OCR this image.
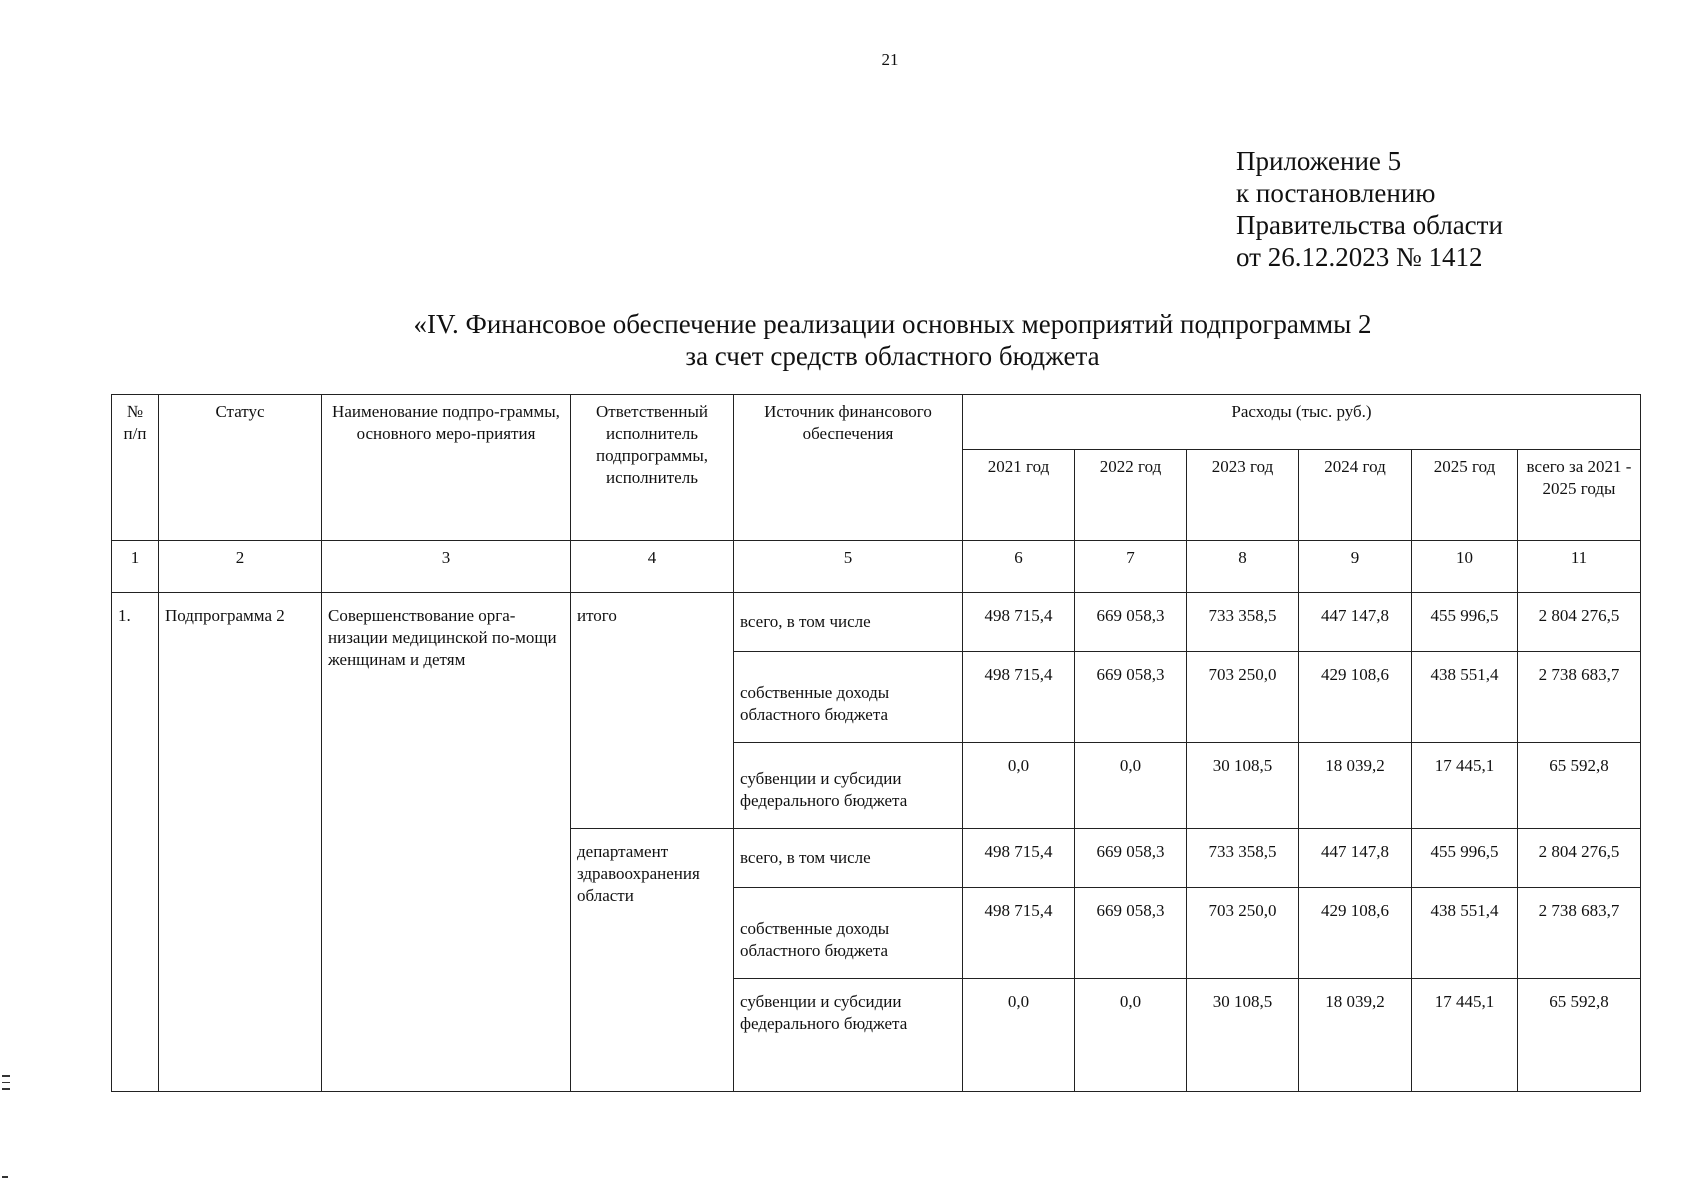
21
Приложение 5
к постановлению
Правительства области
от 26.12.2023 № 1412
«IV. Финансовое обеспечение реализации основных мероприятий подпрограммы 2
за счет средств областного бюджета
№ п/п	Статус	Наименование подпро-граммы, основного меро-приятия	Ответственный исполнитель подпрограммы, исполнитель	Источник финансового обеспечения	Расходы (тыс. руб.)					
					2021 год	2022 год	2023 год	2024 год	2025 год	всего за 2021 - 2025 годы
1	2	3	4	5	6	7	8	9	10	11
1.	Подпрограмма 2	Совершенствование орга-низации медицинской по-мощи женщинам и детям	итого	всего, в том числе	498 715,4	669 058,3	733 358,5	447 147,8	455 996,5	2 804 276,5
				собственные доходы областного бюджета	498 715,4	669 058,3	703 250,0	429 108,6	438 551,4	2 738 683,7
				субвенции и субсидии федерального бюджета	0,0	0,0	30 108,5	18 039,2	17 445,1	65 592,8
			департамент здравоохранения области	всего, в том числе	498 715,4	669 058,3	733 358,5	447 147,8	455 996,5	2 804 276,5
				собственные доходы областного бюджета	498 715,4	669 058,3	703 250,0	429 108,6	438 551,4	2 738 683,7
				субвенции и субсидии федерального бюджета	0,0	0,0	30 108,5	18 039,2	17 445,1	65 592,8
